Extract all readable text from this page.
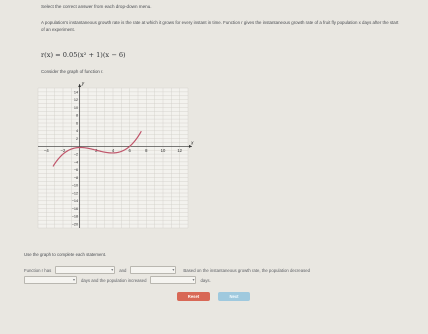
Select the correct answer from each drop-down menu.
A population's instantaneous growth rate is the rate at which it grows for every instant in time. Function r gives the instantaneous growth rate of a fruit fly population x days after the start of an experiment.
r(x) = 0.05(x² + 1)(x − 6)
Consider the graph of function r.
−4	−2	2	4	6	8	10	12
14
12
10
8
6
4
2
−2
−4
−6
−8
−10
−12
−14
−16
−18
−20
x
y
Use the graph to complete each statement.
Function r has	▾ and	▾ Based on the instantaneous growth rate, the population decreased
▾ days and the population increased	▾ days.
Reset	Next
